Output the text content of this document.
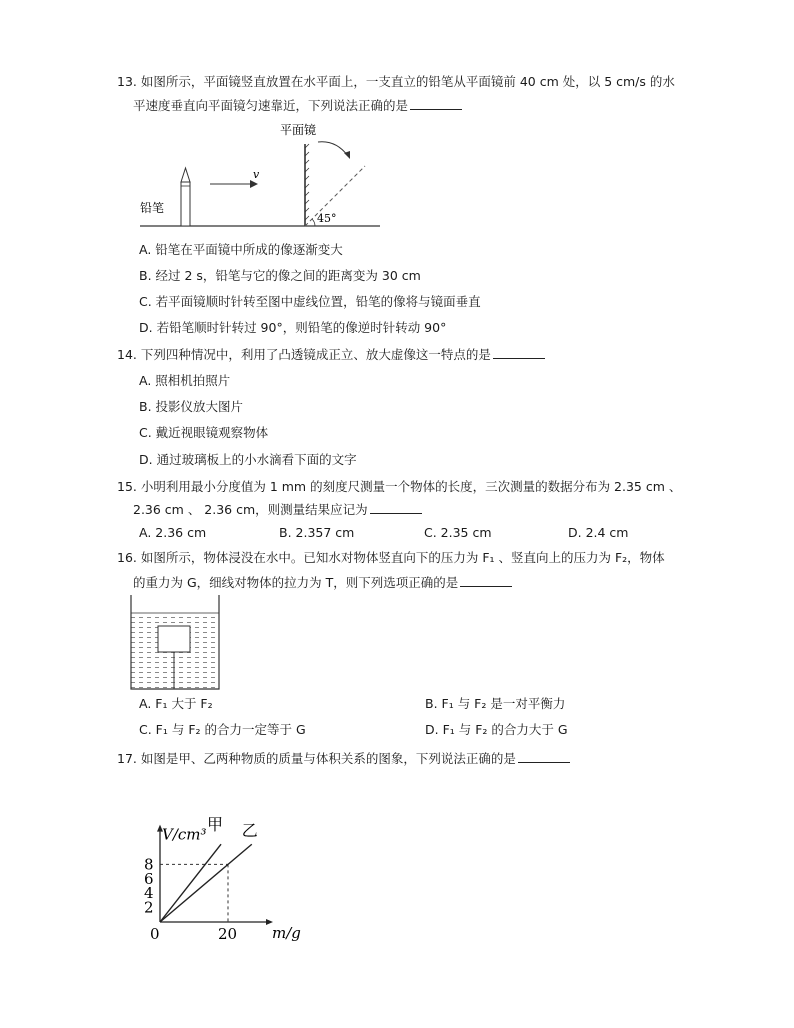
13. 如图所示，平面镜竖直放置在水平面上，一支直立的铅笔从平面镜前 40 cm 处，以 5 cm/s 的水
平速度垂直向平面镜匀速靠近，下列说法正确的是
铅笔
v
平面镜
45°
A. 铅笔在平面镜中所成的像逐渐变大
B. 经过 2 s，铅笔与它的像之间的距离变为 30 cm
C. 若平面镜顺时针转至图中虚线位置，铅笔的像将与镜面垂直
D. 若铅笔顺时针转过 90°，则铅笔的像逆时针转动 90°
14. 下列四种情况中，利用了凸透镜成正立、放大虚像这一特点的是
A. 照相机拍照片
B. 投影仪放大图片
C. 戴近视眼镜观察物体
D. 通过玻璃板上的小水滴看下面的文字
15. 小明利用最小分度值为 1 mm 的刻度尺测量一个物体的长度，三次测量的数据分布为 2.35 cm 、
2.36 cm 、 2.36 cm，则测量结果应记为
A. 2.36 cm	B. 2.357 cm	C. 2.35 cm	D. 2.4 cm
16. 如图所示，物体浸没在水中。已知水对物体竖直向下的压力为 F₁ 、竖直向上的压力为 F₂，物体
的重力为 G，细线对物体的拉力为 T，则下列选项正确的是
A. F₁ 大于 F₂	B. F₁ 与 F₂ 是一对平衡力
C. F₁ 与 F₂ 的合力一定等于 G	D. F₁ 与 F₂ 的合力大于 G
17. 如图是甲、乙两种物质的质量与体积关系的图象，下列说法正确的是
V/cm³
m/g
0
2
4
6
8
20
甲 乙
